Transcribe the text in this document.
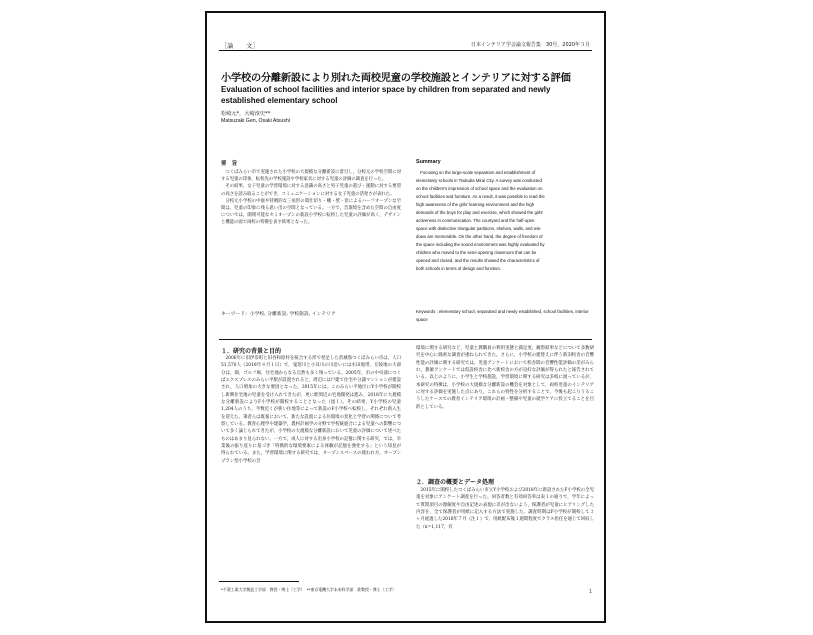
［論　　文］	日本インテリア学会論文報告集　30号，2020年３月
小学校の分離新設により別れた両校児童の学校施設とインテリアに対する評価
Evaluation of school facilities and interior space by children from separated and newly established elementary school
松崎元*，大崎淳史**
Matsuzaki Gen, Osaki Atsushi
要　旨

つくばみらい市で実施された小学校の大規模な分離新設に着目し，分校元の学校空間に対する児童の印象，転校先の学校施設や学校家具に対する児童の評価の調査を行った。

その結果，女子児童の学習環境に対する意識の高さと男子児童の遊び・運動に対する要望の高さを読み取ることができ，コミュニケーションに対する女子児童の活発さが表れた。

分校元小学校の中庭や特徴的な三角形の間仕切り・棚・壁・窓によるハーフオープンな空間は，児童の印象に残る思い出の空間となっている。一方で，音環境を含めた空間の自由度についでは，開閉可能なセミオープンの新設小学校に転校した児童の評価が高く，デザインと機能の面で両校の特徴を表す結果となった。

Summary
Focusing on the large-scale separation and establishment of
elementary schools in Tsukuba Mirai City. A survey was conducted
on the children's impression of school space and the evaluation on
school facilities and furniture. As a result, it was possible to read the
high awareness of the girls' learning environment and the high
demands of the boys for play and exercise, which showed the girls'
activeness in communication. The courtyard and the half-open
space with distinctive triangular partitions, shelves, walls, and win-
dows are memorable. On the other hand, the degree of freedom of
the space including the sound environment was highly evaluated by
children who moved to the semi-opening classroom that can be
opened and closed, and the results showed the characteristics of
both schools in terms of design and function.
キーワード：小学校, 分離新設, 学校施設, インテリア
Keywords : elementary school, separated and newly established, school facilities, interior space
１．研究の背景と目的

2006年に旧伊奈町と旧谷和原村を統合する形で発足した茨城県つくばみらい市は，人口51,570人（2018年４月１日）で，鬼怒川と小貝川の川沿いには水田地帯，丘陵地の大部分は，畑，ゴルフ場，住宅地からなる自然も多く残っている。2005年，市の中央部につくばエクスプレスのみらい平駅が設置されると，周辺には戸建て住宅や分譲マンションが建設され，人口増加の大きな要因となった。2015年には，このみらい平地区にY小学校が開校し新興住宅地の児童を受け入れてきたが，更に駅周辺の宅地開発は進み，2018年に大規模な分離新設によりF小学校が開校することとなった（図１）。その結果，Y小学校の児童1,204人のうち，半数近くが狭い住地等によって新設のF小学校へ転校し，それぞれ新入生を迎えた。筆者らは既報において，新たな設置による住環境の変化と学習の関係について考察している。教育心理学や建築学，農村計画学の分野で学校統廃合による児童への影響について多く論じられてきたが，小学校の大規模な分離新設において児童の評価について述べたものはあまり見られない。一方で，成人に対する出身小学校の記憶に関する研究，では，卒業後の振り返りに基づき「特徴的な環境要素による体験が記憶を強化する」という知見が得られている。また，学習環境に関する研究では，オープンスペースの使われ方，オープンプラン型小学校の音

環境に関する研究など，児童と教職員の利用実態と満足度，観察結果などについて多数研究を中心に綿密な調査が重ねられてきた。さらに，小学校の建替えに伴う新旧校舎の音響性能の評価に関する研究では，児童アンケートにおいて校舎間の音響性能評価の差がみられ，教師アンケートでは仮設校舎に比べ新校舎の方が良好な評価が得られたと報告されている。以上のように，小学生と学校施設，学習環境に関する研究は多岐に渡っているが，本研究の特徴は，小学校の大規模な分離新設の機会を対象として，両校児童のインテリアに対する評価を実施した点にあり，これらの特性を分析することで，今後も起こりうるこうしたケースでの教育インテリア環境の計画・整備や児童の就学ケアに役立てることを目的としている。

２．調査の概要とデータ処理

2015年に開校したつくばみらい市立Y小学校および2018年に新設されたF小学校の全児童を対象にアンケート調査を行った。回答者数と有効回答率は表１の通りで，学年によって質問項目の理解度や自由記述の表現に差が出ないよう，保護者が児童にヒアリングした内容を，全て保護者が用紙に記入する方法で実施した。調査時期はF小学校が開校して３ヶ月経過した2018年７月（注１）で，用紙配布後１週間程度でクラス担任を通じて回収した（n=1,117，有

*千葉工業大学創造工学部　教授・博士（工学）　**東京電機大学未来科学部　准教授・博士（工学）	1
